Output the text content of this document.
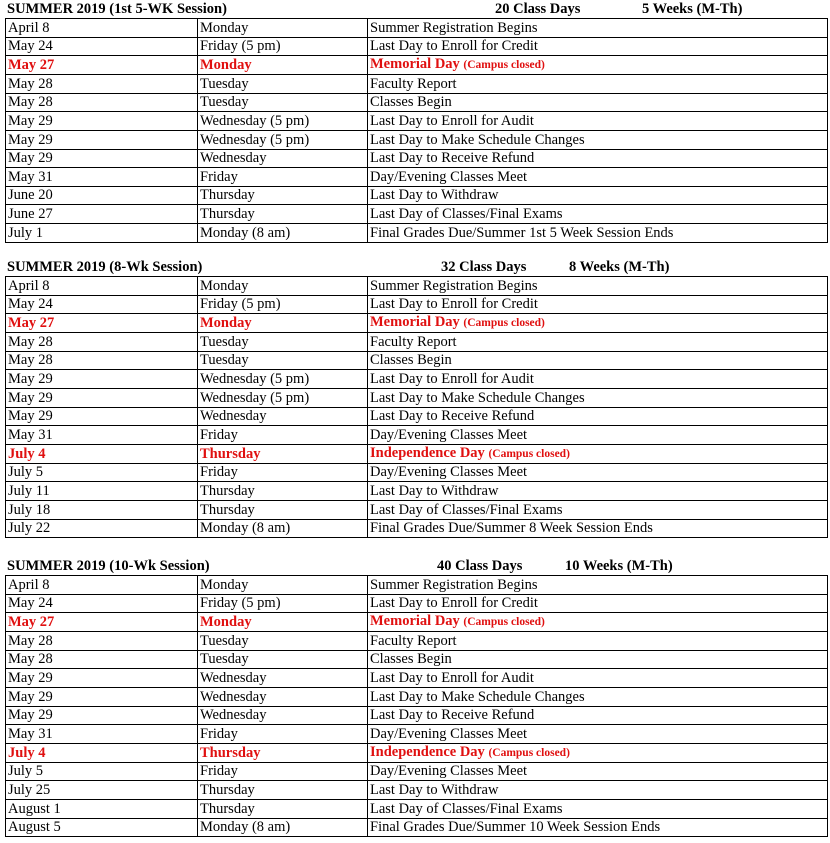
SUMMER 2019 (1st 5-WK Session)	20 Class Days	5 Weeks (M-Th)
April 8	Monday	Summer Registration Begins
May 24	Friday (5 pm)	Last Day to Enroll for Credit
May 27	Monday	Memorial Day (Campus closed)
May 28	Tuesday	Faculty Report
May 28	Tuesday	Classes Begin
May 29	Wednesday (5 pm)	Last Day to Enroll for Audit
May 29	Wednesday (5 pm)	Last Day to Make Schedule Changes
May 29	Wednesday	Last Day to Receive Refund
May 31	Friday	Day/Evening Classes Meet
June 20	Thursday	Last Day to Withdraw
June 27	Thursday	Last Day of Classes/Final Exams
July 1	Monday (8 am)	Final Grades Due/Summer 1st 5 Week Session Ends
SUMMER 2019 (8-Wk Session)	32 Class Days	8 Weeks (M-Th)
April 8	Monday	Summer Registration Begins
May 24	Friday (5 pm)	Last Day to Enroll for Credit
May 27	Monday	Memorial Day (Campus closed)
May 28	Tuesday	Faculty Report
May 28	Tuesday	Classes Begin
May 29	Wednesday (5 pm)	Last Day to Enroll for Audit
May 29	Wednesday (5 pm)	Last Day to Make Schedule Changes
May 29	Wednesday	Last Day to Receive Refund
May 31	Friday	Day/Evening Classes Meet
July 4	Thursday	Independence Day (Campus closed)
July 5	Friday	Day/Evening Classes Meet
July 11	Thursday	Last Day to Withdraw
July 18	Thursday	Last Day of Classes/Final Exams
July 22	Monday (8 am)	Final Grades Due/Summer 8 Week Session Ends
SUMMER 2019 (10-Wk Session)	40 Class Days	10 Weeks (M-Th)
April 8	Monday	Summer Registration Begins
May 24	Friday (5 pm)	Last Day to Enroll for Credit
May 27	Monday	Memorial Day (Campus closed)
May 28	Tuesday	Faculty Report
May 28	Tuesday	Classes Begin
May 29	Wednesday	Last Day to Enroll for Audit
May 29	Wednesday	Last Day to Make Schedule Changes
May 29	Wednesday	Last Day to Receive Refund
May 31	Friday	Day/Evening Classes Meet
July 4	Thursday	Independence Day (Campus closed)
July 5	Friday	Day/Evening Classes Meet
July 25	Thursday	Last Day to Withdraw
August 1	Thursday	Last Day of Classes/Final Exams
August 5	Monday (8 am)	Final Grades Due/Summer 10 Week Session Ends
